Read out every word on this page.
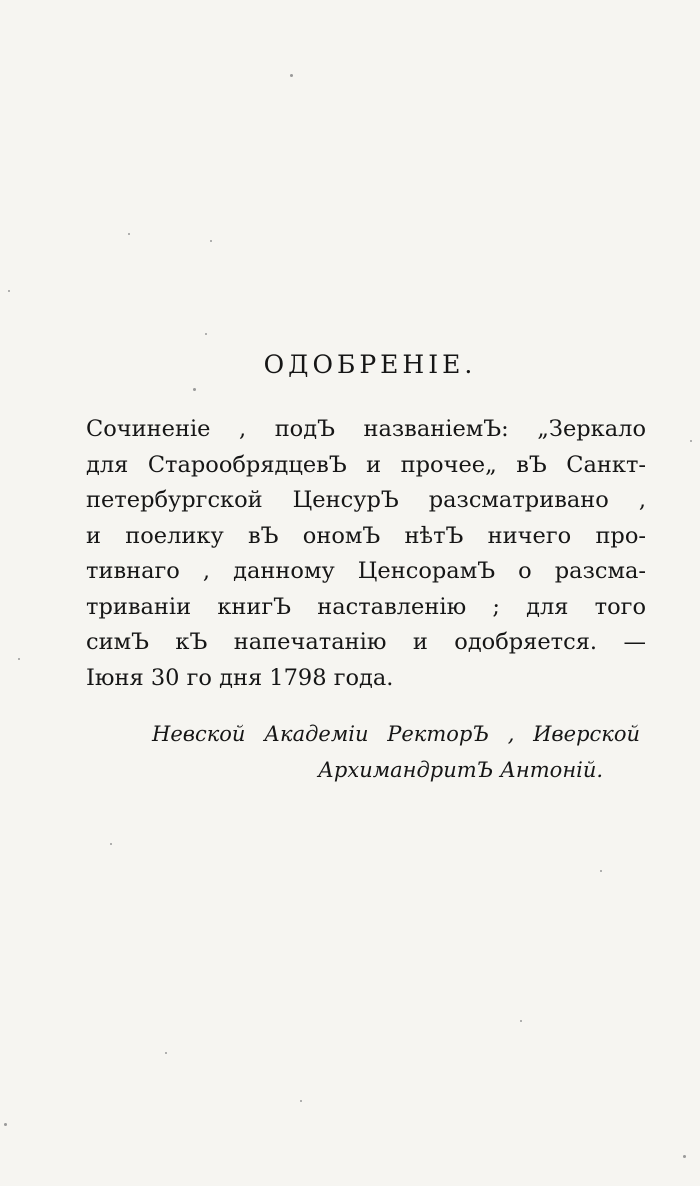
ОДОБРЕНІЕ.
Сочиненіе , подЪ названіемЪ: „Зеркало
для СтарообрядцевЪ и прочее„ вЪ Санкт-
петербургской ЦенсурЪ разсматривано ,
и поелику вЪ ономЪ нѣтЪ ничего про-
тивнаго , данному ЦенсорамЪ о разсма-
триваніи книгЪ наставленію ; для того
симЪ кЪ напечатанію и одобряется. —
Іюня 30 го дня 1798 года.
Невской Академіи РекторЪ , Иверской
АрхимандритЪ Антоній.
